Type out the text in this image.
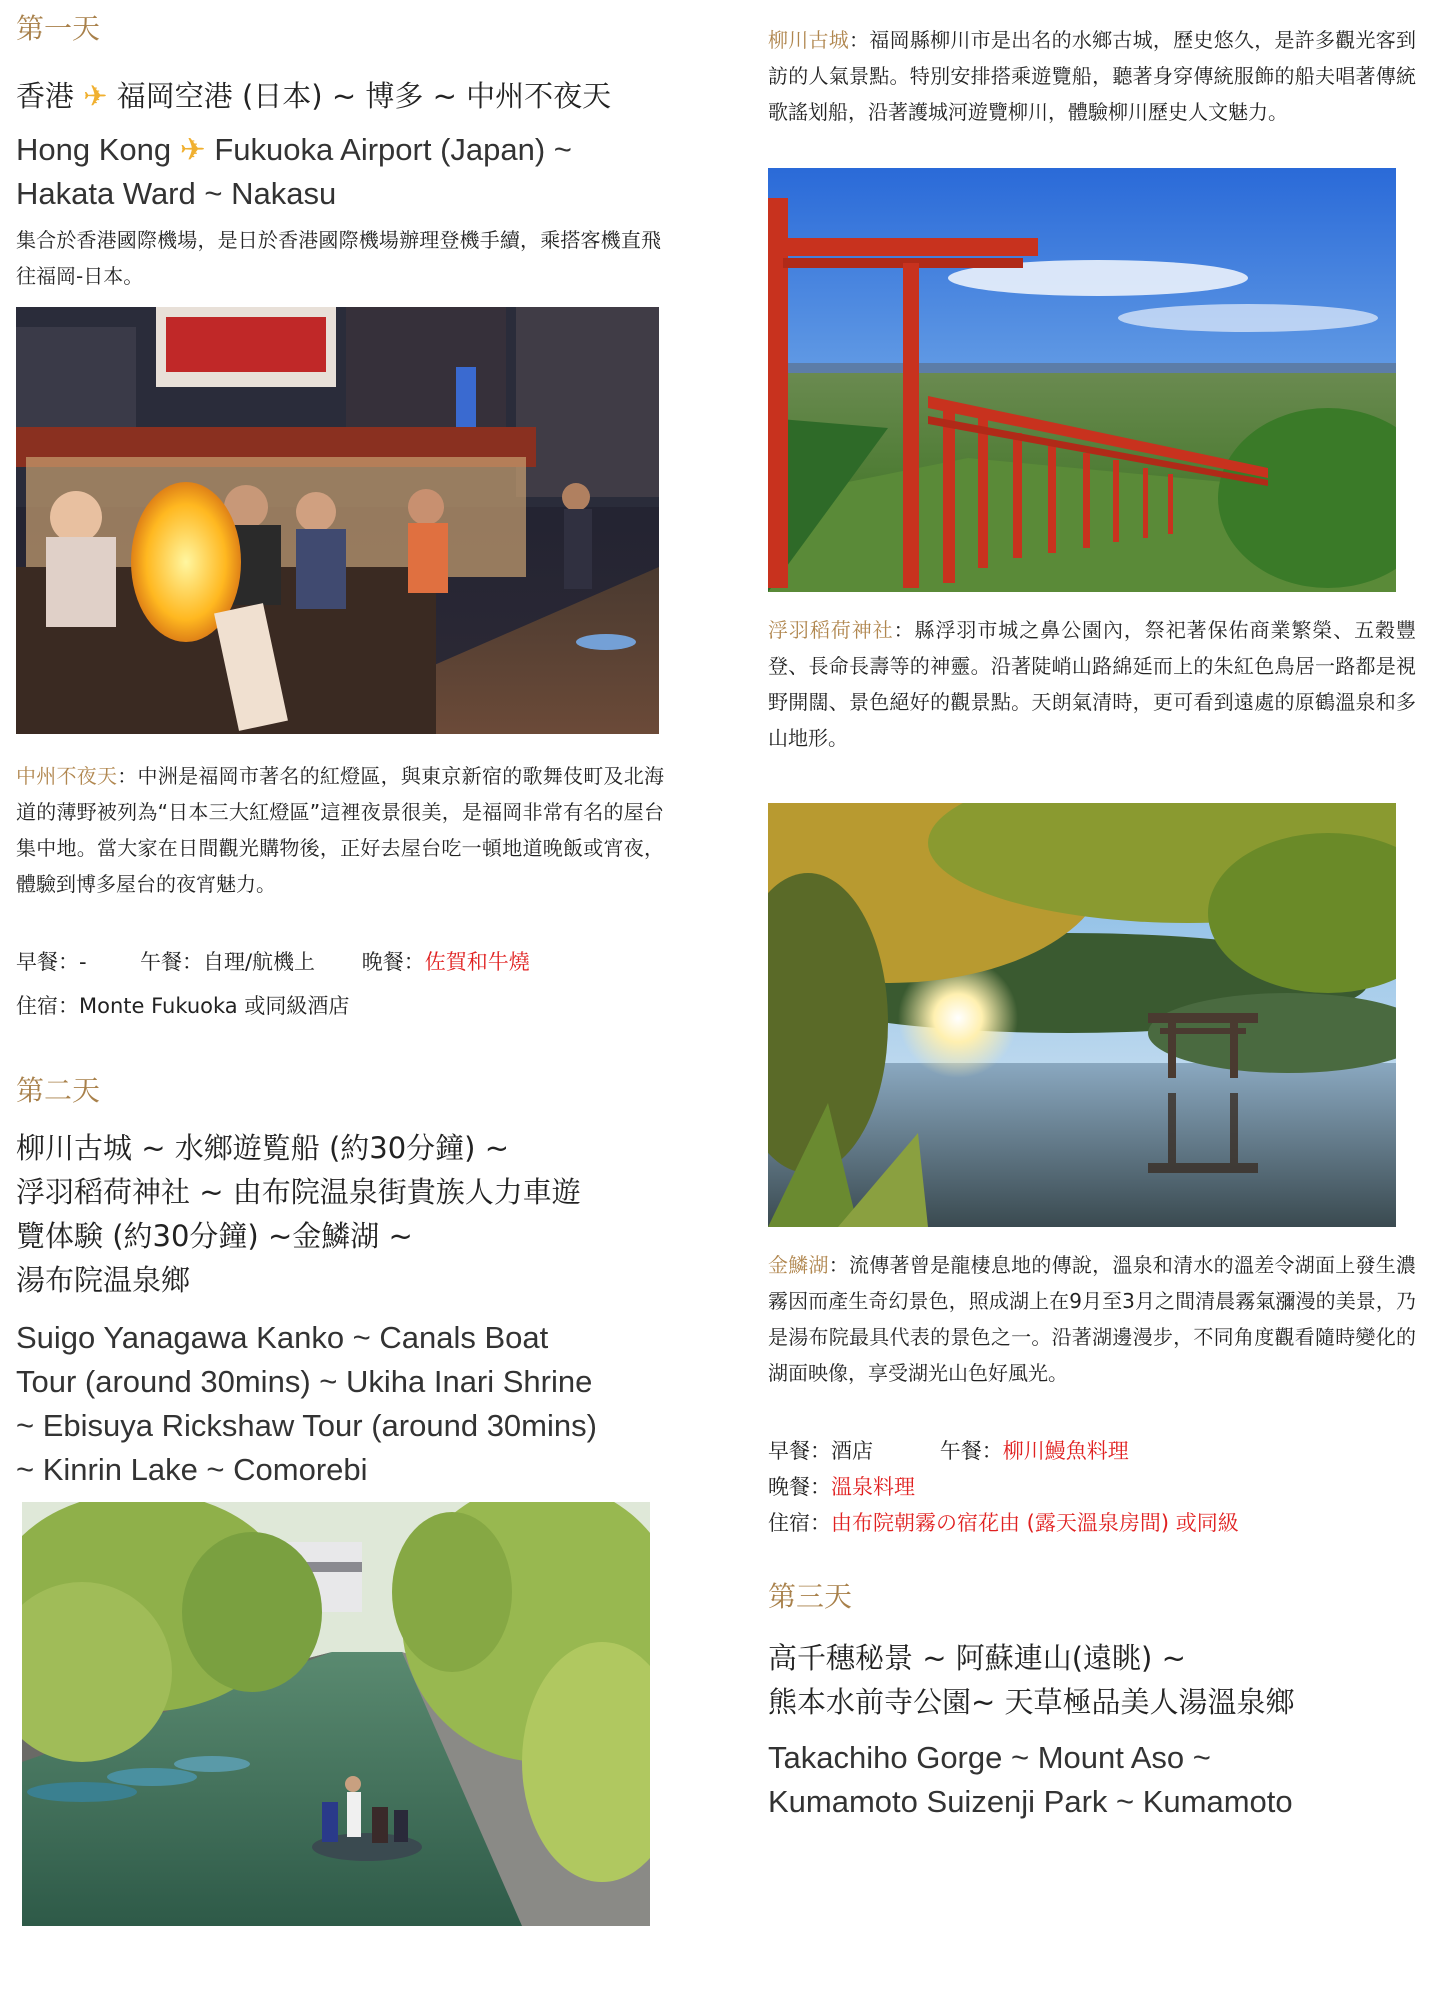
第一天
香港 ✈ 福岡空港 (日本) ~ 博多 ~ 中州不夜天
Hong Kong ✈ Fukuoka Airport (Japan) ~
Hakata Ward ~ Nakasu
集合於香港國際機場，是日於香港國際機場辦理登機手續，乘搭客機直飛往福岡-日本。
中州不夜天：中洲是福岡市著名的紅燈區，與東京新宿的歌舞伎町及北海道的薄野被列為“日本三大紅燈區”這裡夜景很美，是福岡非常有名的屋台集中地。當大家在日間觀光購物後，正好去屋台吃一頓地道晚飯或宵夜，體驗到博多屋台的夜宵魅力。
早餐：-	午餐：自理/航機上 晚餐：佐賀和牛燒
住宿：Monte Fukuoka 或同級酒店
第二天
柳川古城 ~ 水鄉遊覧船 (約30分鐘) ~
浮羽稻荷神社 ~ 由布院温泉街貴族人力車遊
覽体験 (約30分鐘) ~金鱗湖 ~
湯布院温泉鄉
Suigo Yanagawa Kanko ~ Canals Boat
Tour (around 30mins) ~ Ukiha Inari Shrine
~ Ebisuya Rickshaw Tour (around 30mins)
~ Kinrin Lake ~ Comorebi
柳川古城：福岡縣柳川市是出名的水鄉古城，歷史悠久，是許多觀光客到訪的人氣景點。特別安排搭乘遊覽船，聽著身穿傳統服飾的船夫唱著傳統歌謠划船，沿著護城河遊覽柳川，體驗柳川歷史人文魅力。
浮羽稻荷神社：縣浮羽市城之鼻公園內，祭祀著保佑商業繁榮、五穀豐登、長命長壽等的神靈。沿著陡峭山路綿延而上的朱紅色鳥居一路都是視野開闊、景色絕好的觀景點。天朗氣清時，更可看到遠處的原鶴溫泉和多山地形。
金鱗湖：流傳著曾是龍棲息地的傳說，溫泉和清水的溫差令湖面上發生濃霧因而產生奇幻景色，照成湖上在9月至3月之間清晨霧氣瀰漫的美景，乃是湯布院最具代表的景色之一。沿著湖邊漫步，不同角度觀看隨時變化的湖面映像，享受湖光山色好風光。
早餐：酒店	午餐：柳川鰻魚料理
晚餐：溫泉料理
住宿：由布院朝霧の宿花由 (露天溫泉房間) 或同級
第三天
高千穗秘景 ~ 阿蘇連山(遠眺) ~
熊本水前寺公園~ 天草極品美人湯溫泉鄉
Takachiho Gorge ~ Mount Aso ~
Kumamoto Suizenji Park ~ Kumamoto
